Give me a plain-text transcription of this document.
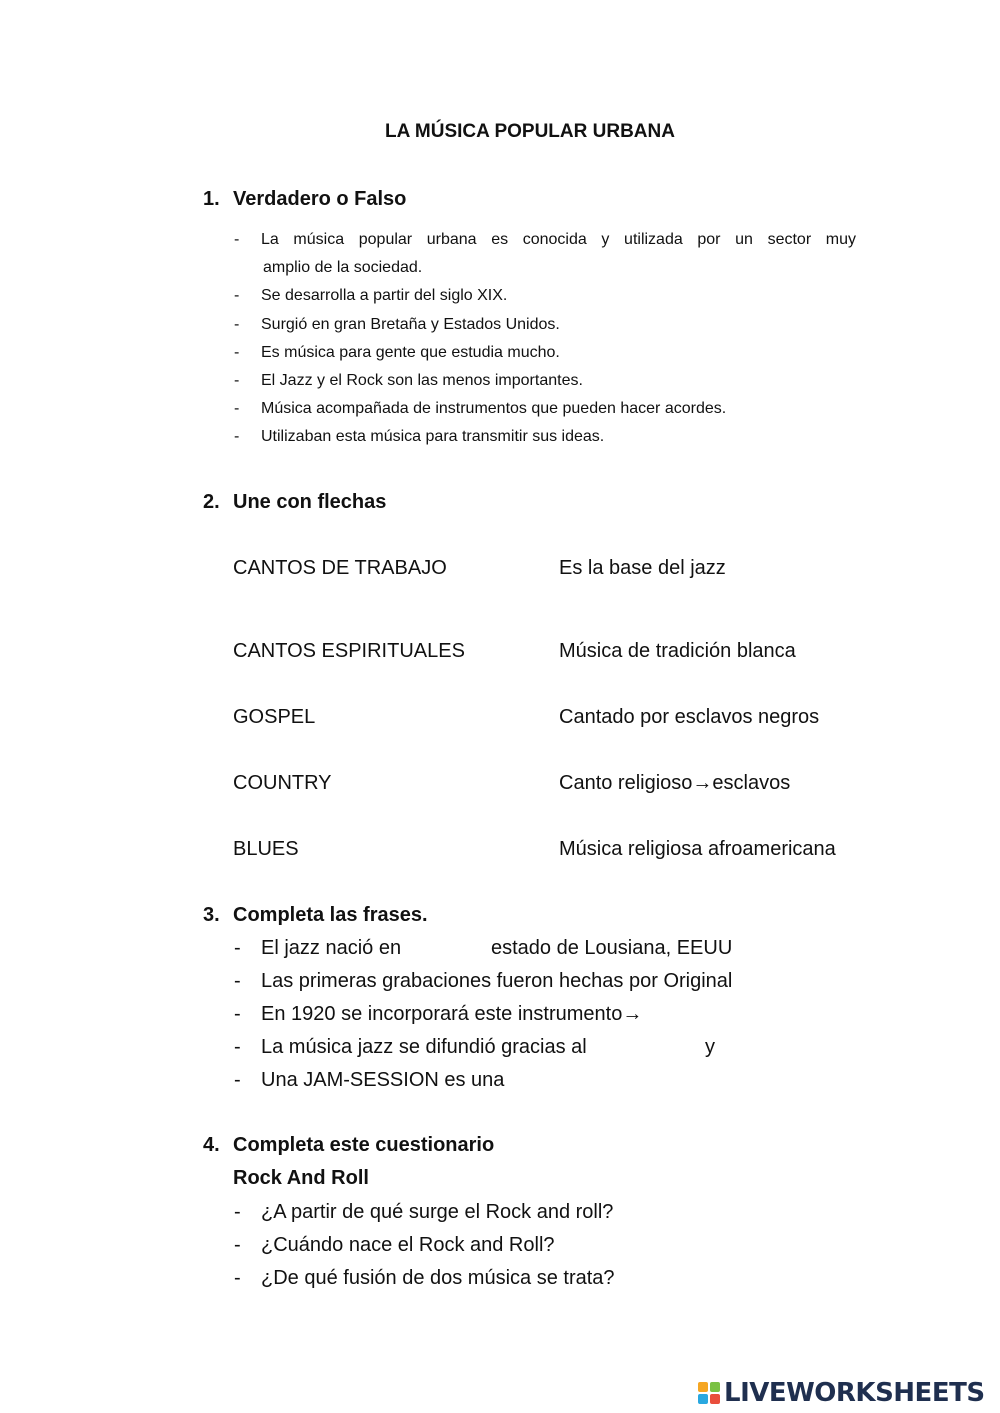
LA MÚSICA POPULAR URBANA
1. Verdadero o Falso
- La música popular urbana es conocida y utilizada por un sector muy
amplio de la sociedad.
- Se desarrolla a partir del siglo XIX.
- Surgió en gran Bretaña y Estados Unidos.
- Es música para gente que estudia mucho.
- El Jazz y el Rock son las menos importantes.
- Música acompañada de instrumentos que pueden hacer acordes.
- Utilizaban esta música para transmitir sus ideas.
2. Une con flechas
CANTOS DE TRABAJO	Es la base del jazz
CANTOS ESPIRITUALES	Música de tradición blanca
GOSPEL	Cantado por esclavos negros
COUNTRY	Canto religioso→esclavos
BLUES	Música religiosa afroamericana
3. Completa las frases.
- El jazz nació en	estado de Lousiana, EEUU
- Las primeras grabaciones fueron hechas por Original
- En 1920 se incorporará este instrumento→
- La música jazz se difundió gracias al	y
- Una JAM-SESSION es una
4. Completa este cuestionario
Rock And Roll
- ¿A partir de qué surge el Rock and roll?
- ¿Cuándo nace el Rock and Roll?
- ¿De qué fusión de dos música se trata?
LIVEWORKSHEETS
